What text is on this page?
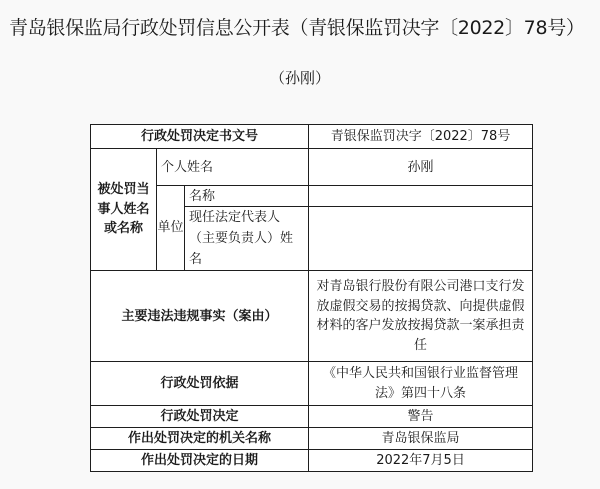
青岛银保监局行政处罚信息公开表（青银保监罚决字〔2022〕78号）
（孙刚）
行政处罚决定书文号			青银保监罚决字〔2022〕78号
被处罚当事人姓名或名称	个人姓名		孙刚
	单位	名称	
		现任法定代表人（主要负责人）姓名	
主要违法违规事实（案由）			对青岛银行股份有限公司港口支行发放虚假交易的按揭贷款、向提供虚假材料的客户发放按揭贷款一案承担责任
行政处罚依据			《中华人民共和国银行业监督管理法》第四十八条
行政处罚决定			警告
作出处罚决定的机关名称			青岛银保监局
作出处罚决定的日期			2022年7月5日
